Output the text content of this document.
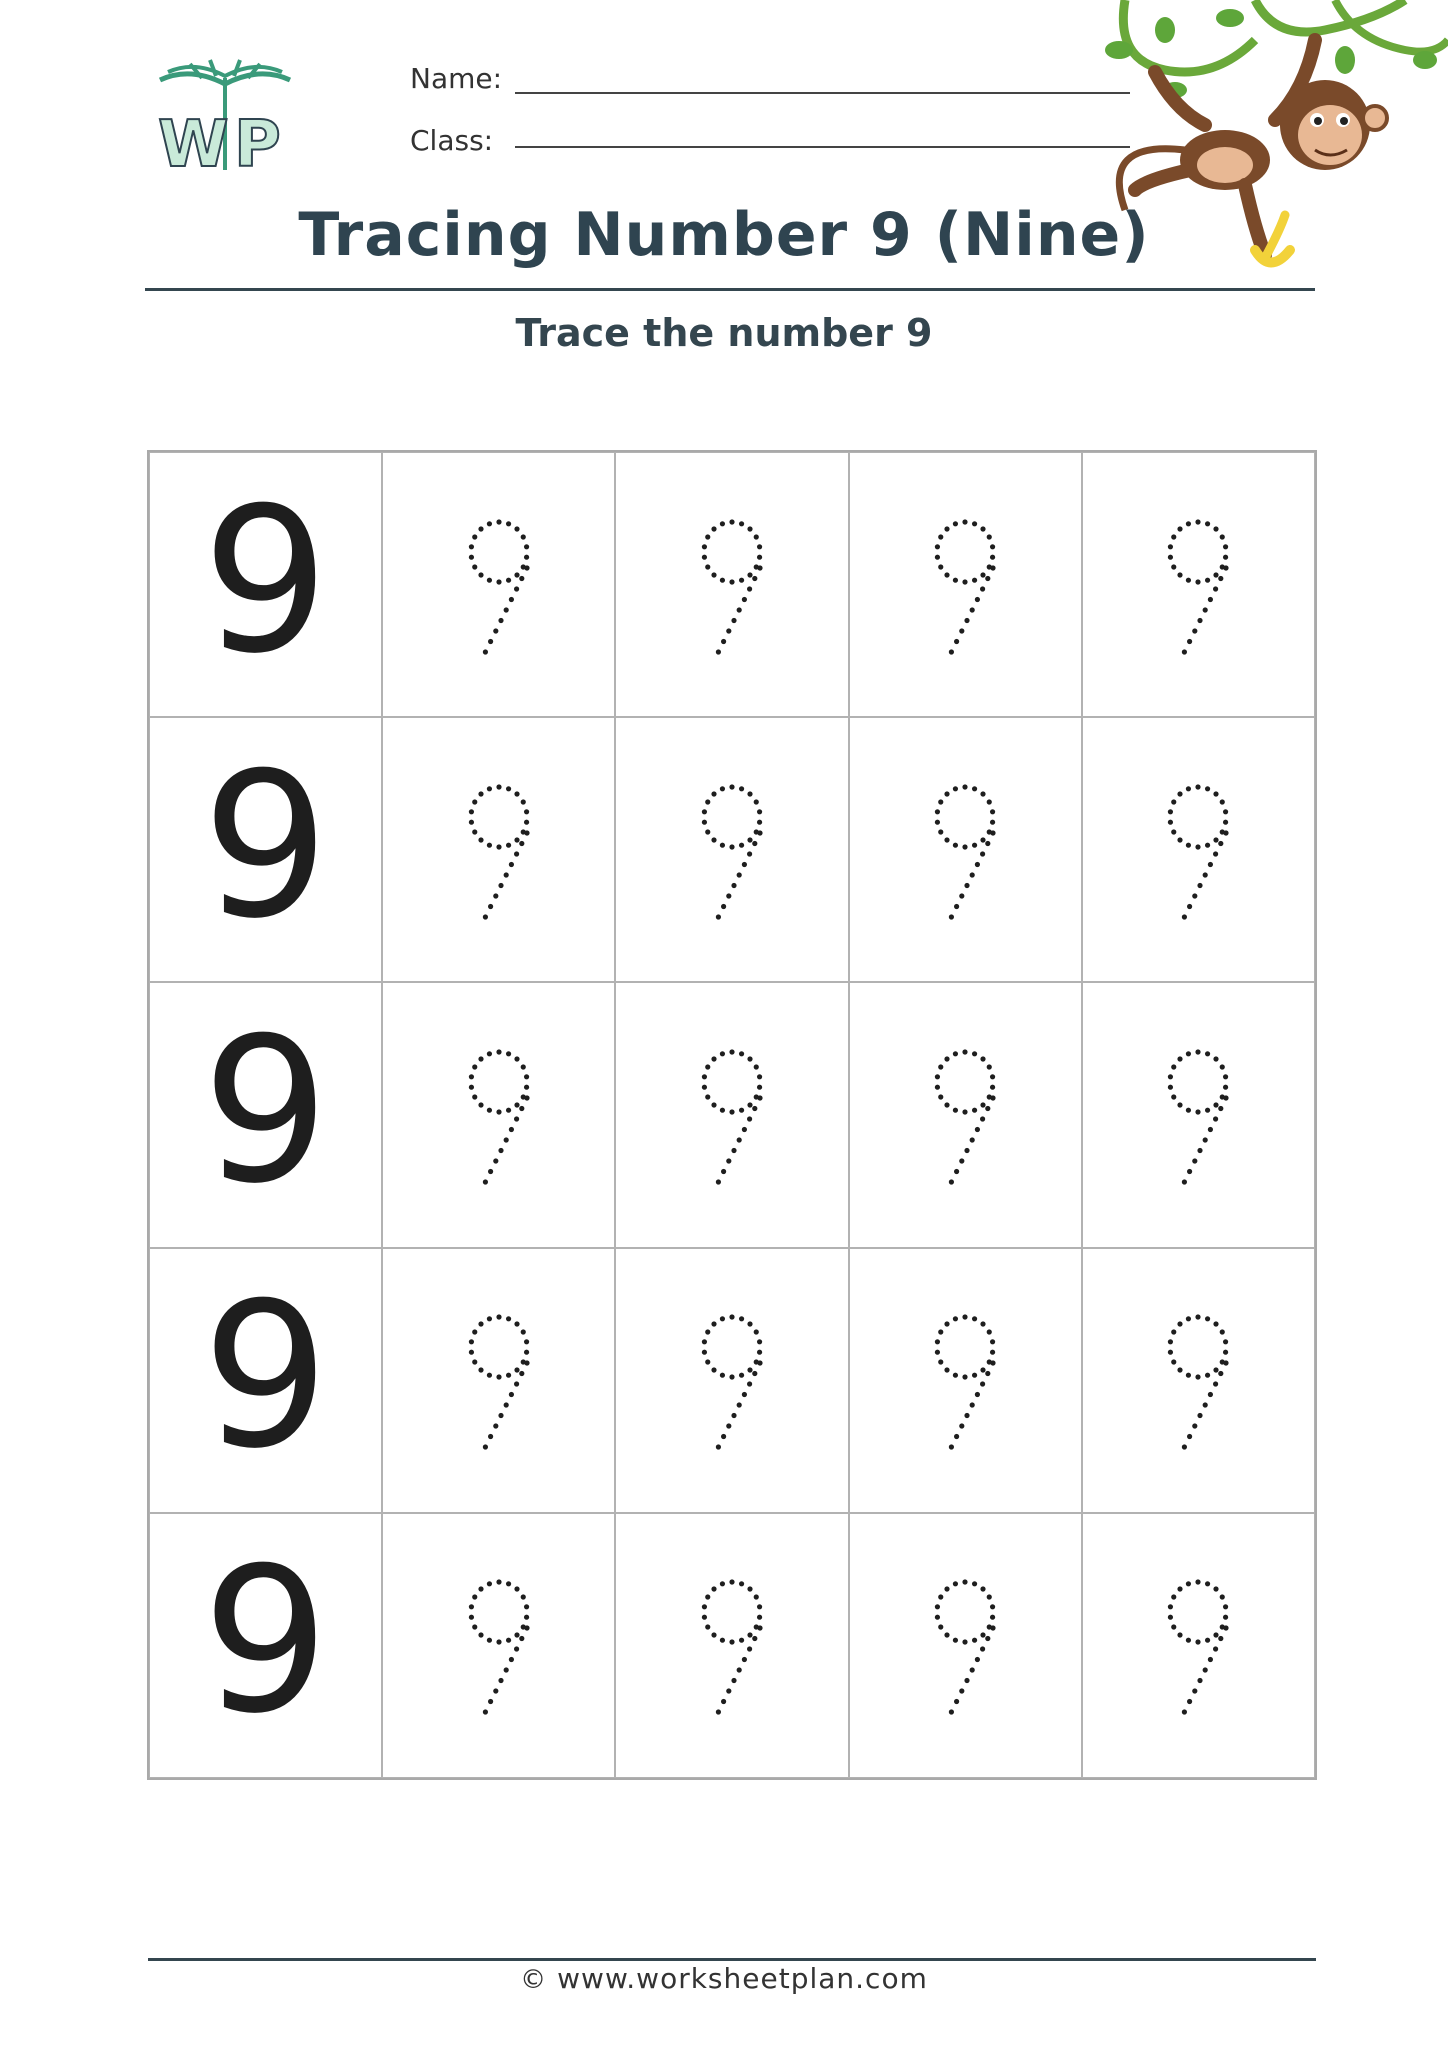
W P
Name:
Class:
Tracing Number 9 (Nine)
Trace the number 9
9
9
9
9
9
© www.worksheetplan.com
